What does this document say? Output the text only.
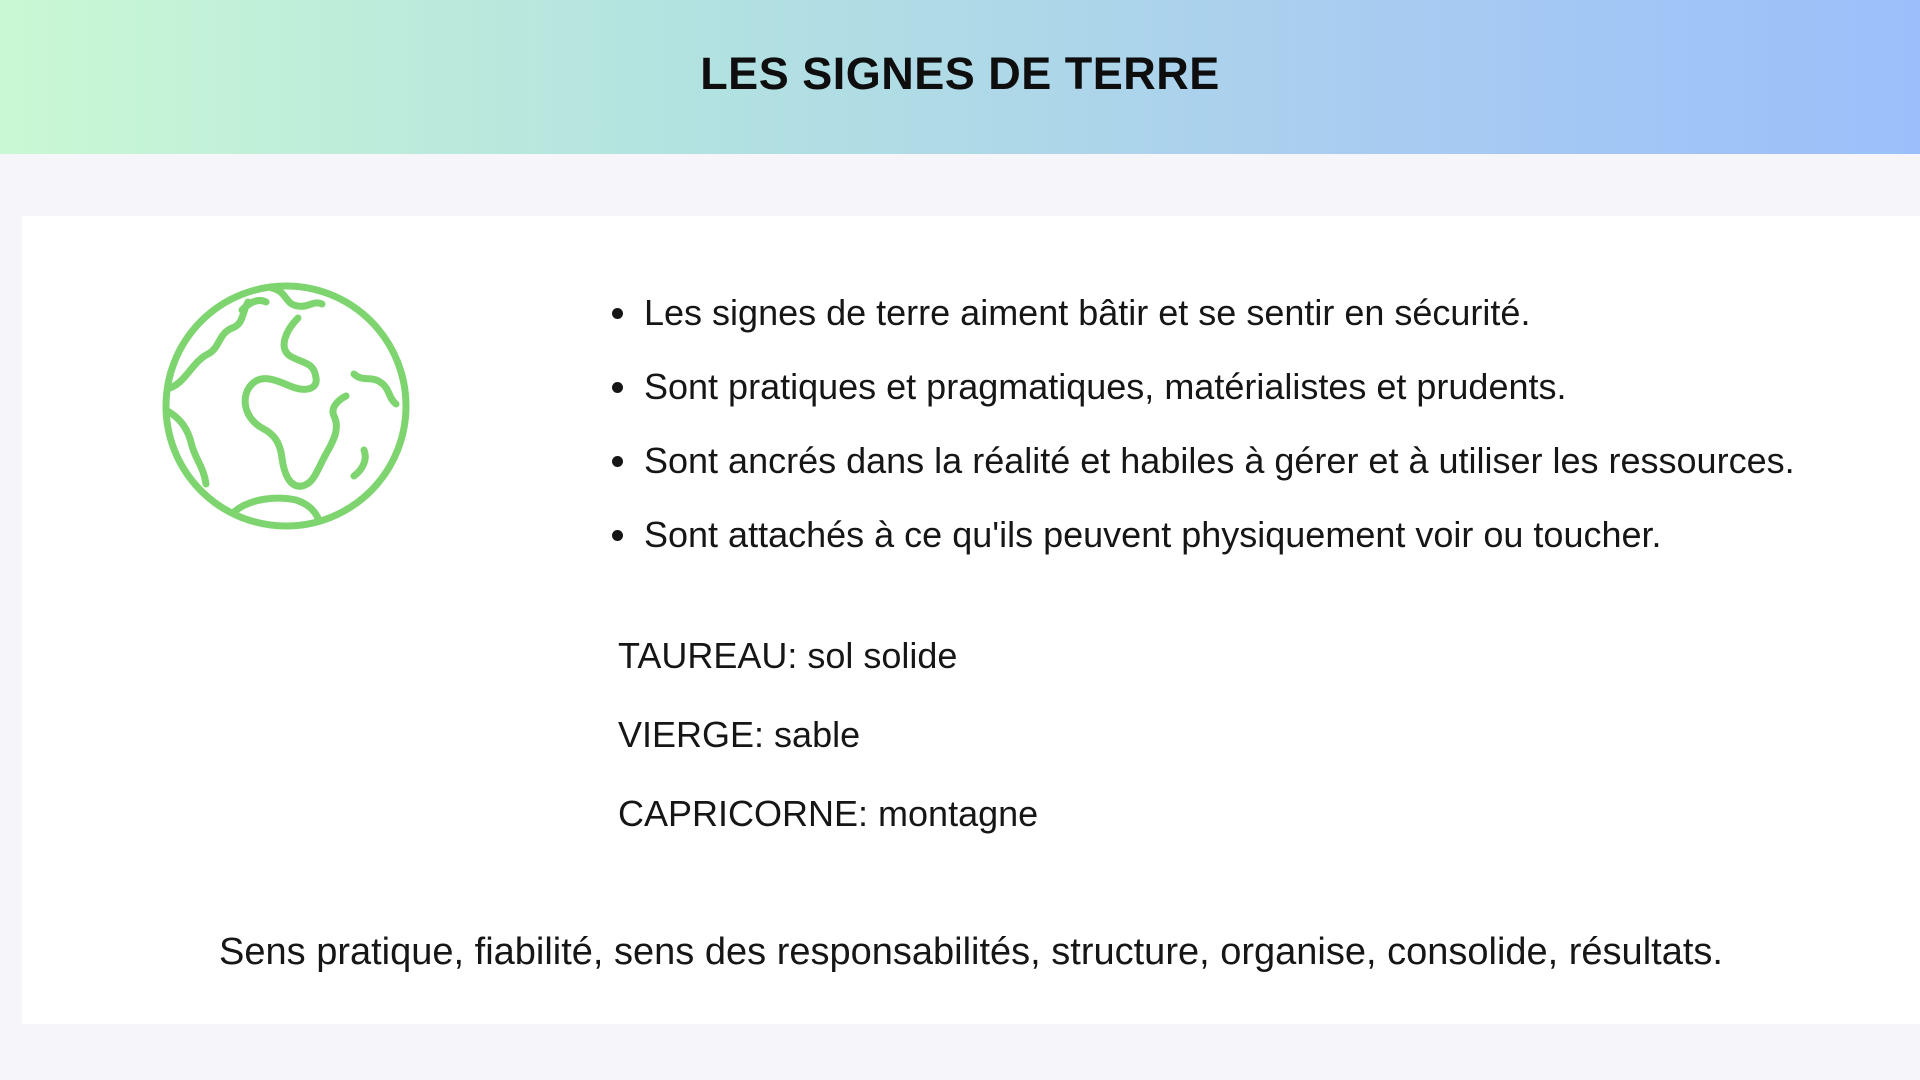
LES SIGNES DE TERRE
Les signes de terre aiment bâtir et se sentir en sécurité.
Sont pratiques et pragmatiques, matérialistes et prudents.
Sont ancrés dans la réalité et habiles à gérer et à utiliser les ressources.
Sont attachés à ce qu'ils peuvent physiquement voir ou toucher.
TAUREAU: sol solide
VIERGE: sable
CAPRICORNE: montagne
Sens pratique, fiabilité, sens des responsabilités, structure, organise, consolide, résultats.
